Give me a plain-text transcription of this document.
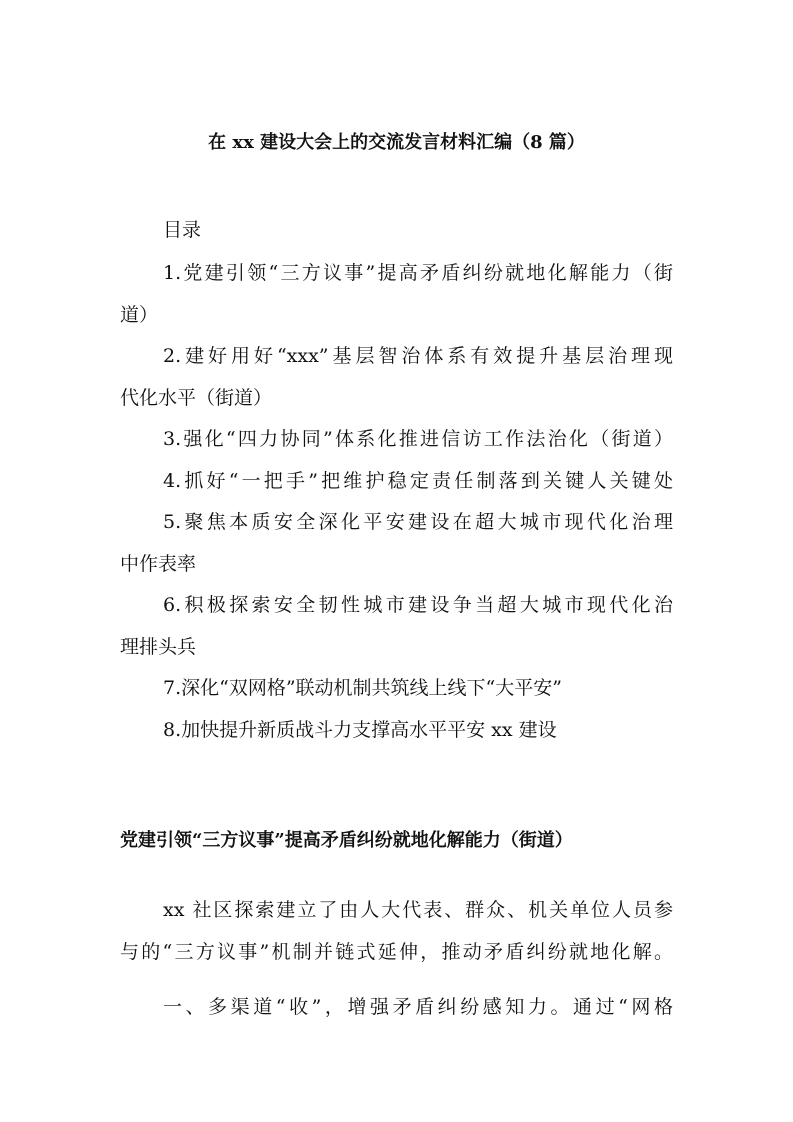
在 xx 建设大会上的交流发言材料汇编（8 篇）
目录
1.党建引领“三方议事”提高矛盾纠纷就地化解能力（街
道）
2.建好用好“xxx”基层智治体系有效提升基层治理现
代化水平（街道）
3.强化“四力协同”体系化推进信访工作法治化（街道）
4.抓好“一把手”把维护稳定责任制落到关键人关键处
5.聚焦本质安全深化平安建设在超大城市现代化治理
中作表率
6.积极探索安全韧性城市建设争当超大城市现代化治
理排头兵
7.深化“双网格”联动机制共筑线上线下“大平安”
8.加快提升新质战斗力支撑高水平平安 xx 建设
党建引领“三方议事”提高矛盾纠纷就地化解能力（街道）
xx 社区探索建立了由人大代表、群众、机关单位人员参
与的“三方议事”机制并链式延伸，推动矛盾纠纷就地化解。
一、多渠道“收”，增强矛盾纠纷感知力。通过“网格
